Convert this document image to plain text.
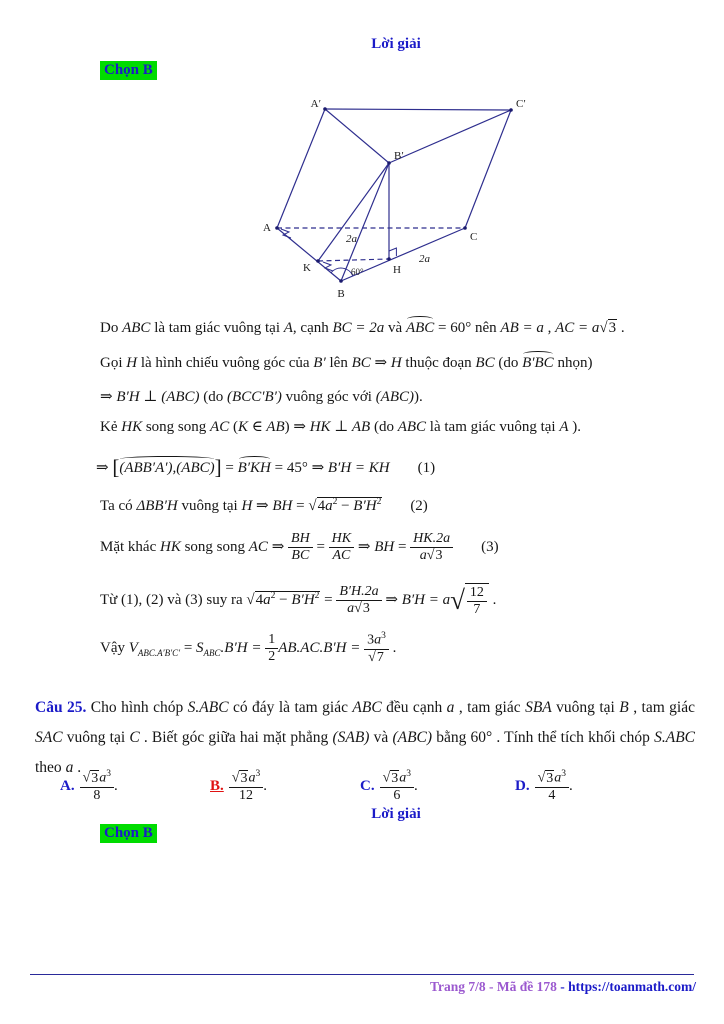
Lời giải
Chọn B
A′	C′
B′
A
C
K	H
B
2a
2a
60°
Do ABC là tam giác vuông tại A, cạnh BC = 2a và ABC = 60° nên AB = a , AC = a√3 .
Gọi H là hình chiếu vuông góc của B′ lên BC ⇒ H thuộc đoạn BC (do B′BC nhọn)
⇒ B′H ⊥ (ABC) (do (BCC′B′) vuông góc với (ABC)).
Kẻ HK song song AC (K ∈ AB) ⇒ HK ⊥ AB (do ABC là tam giác vuông tại A ).
⇒ [(ABB′A′),(ABC)] = B′KH = 45° ⇒ B′H = KH (1)
Ta có ΔBB′H vuông tại H ⇒ BH = $√4a^2 - B'H^2$ (2)
Mặt khác HK song song AC ⇒ $\frac{BH}{BC} = \frac{HK}{AC}$ ⇒ BH = $\frac{HK.2a}{a√3} (3)$
Từ (1), (2) và (3) suy ra $√4a^2 - B'H^2 = \frac{B'H.2a}{a√3}$ ⇒ B′H = a √ $\frac{12}{7}$ .
Vậy $V_{ABC.A'B'C'} = S_{ABC}.B'H = \frac{1}{2} AB.AC.B'H = \frac{3a^3}{√7}$ .
Câu 25. Cho hình chóp S.ABC có đáy là tam giác ABC đều cạnh a , tam giác SBA vuông tại B , tam giác SAC vuông tại C . Biết góc giữa hai mặt phẳng (SAB) và (ABC) bằng 60° . Tính thể tích khối chóp S.ABC theo a .
A. $\frac{√3a^3}{8}$ .	B. $\frac{√3a^3}{12}$ .	C. $\frac{√3a^3}{6}$ .	D. $\frac{√3a^3}{4}$ .
Lời giải
Chọn B
Trang 7/8 - Mã đề 178 - https://toanmath.com/
